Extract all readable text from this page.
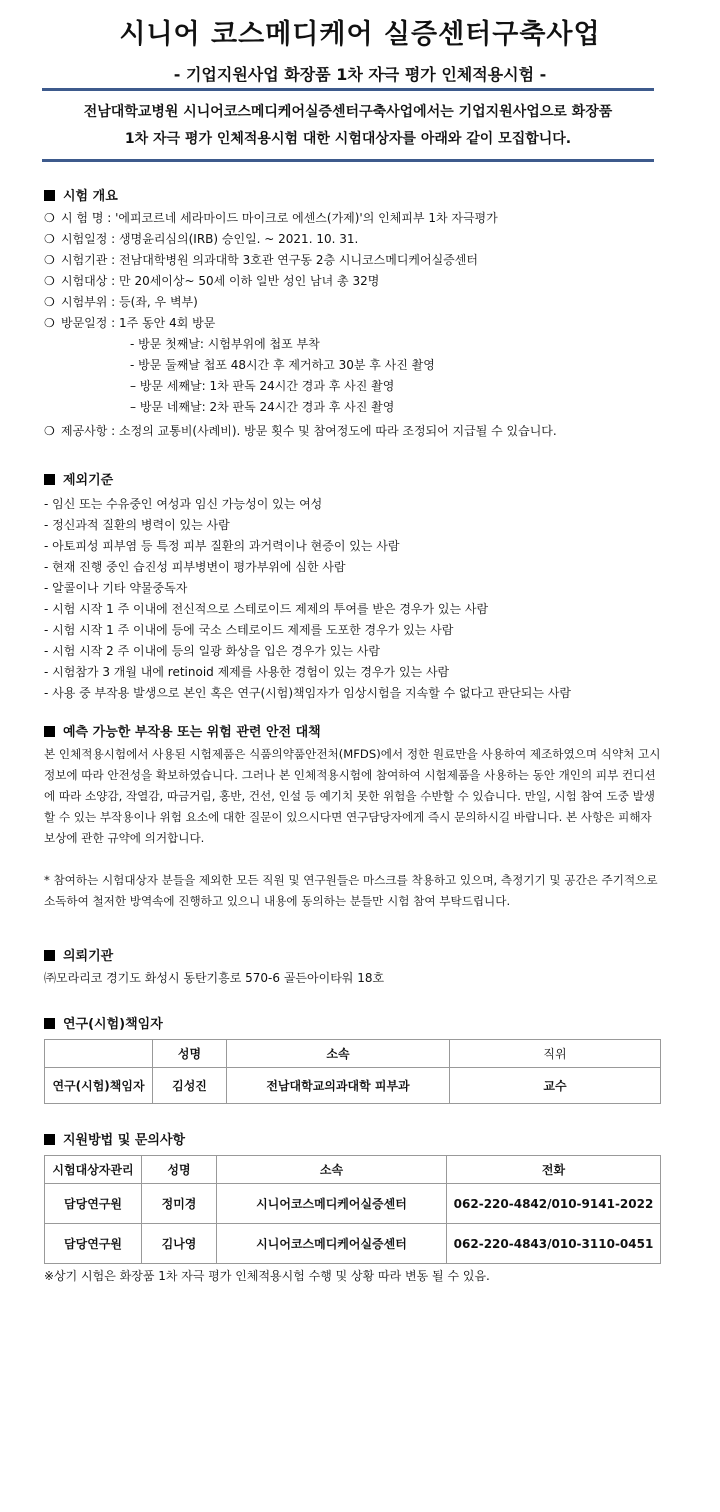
시니어 코스메디케어 실증센터구축사업
- 기업지원사업 화장품 1차 자극 평가 인체적용시험 -
전남대학교병원 시니어코스메디케어실증센터구축사업에서는 기업지원사업으로 화장품
1차 자극 평가 인체적용시험 대한 시험대상자를 아래와 같이 모집합니다.
시험 개요
❍ 시 험 명 : '에피코르네 세라마이드 마이크로 에센스(가제)'의 인체피부 1차 자극평가
❍ 시험일정 : 생명윤리심의(IRB) 승인일. ~ 2021. 10. 31.
❍ 시험기관 : 전남대학병원 의과대학 3호관 연구동 2층 시니코스메디케어실증센터
❍ 시험대상 : 만 20세이상~ 50세 이하 일반 성인 남녀 총 32명
❍ 시험부위 : 등(좌, 우 벽부)
❍ 방문일정 : 1주 동안 4회 방문
- 방문 첫째날: 시험부위에 첩포 부착
- 방문 둘째날 첩포 48시간 후 제거하고 30분 후 사진 촬영
– 방문 세째날: 1차 판독 24시간 경과 후 사진 촬영
– 방문 네째날: 2차 판독 24시간 경과 후 사진 촬영
❍ 제공사항 : 소정의 교통비(사례비). 방문 횟수 및 참여정도에 따라 조정되어 지급될 수 있습니다.
제외기준
- 임신 또는 수유중인 여성과 임신 가능성이 있는 여성
- 정신과적 질환의 병력이 있는 사람
- 아토피성 피부염 등 특정 피부 질환의 과거력이나 현증이 있는 사람
- 현재 진행 중인 습진성 피부병변이 평가부위에 심한 사람
- 알콜이나 기타 약물중독자
- 시험 시작 1 주 이내에 전신적으로 스테로이드 제제의 투여를 받은 경우가 있는 사람
- 시험 시작 1 주 이내에 등에 국소 스테로이드 제제를 도포한 경우가 있는 사람
- 시험 시작 2 주 이내에 등의 일광 화상을 입은 경우가 있는 사람
- 시험참가 3 개월 내에 retinoid 제제를 사용한 경험이 있는 경우가 있는 사람
- 사용 중 부작용 발생으로 본인 혹은 연구(시험)책임자가 임상시험을 지속할 수 없다고 판단되는 사람
예측 가능한 부작용 또는 위험 관련 안전 대책
본 인체적용시험에서 사용된 시험제품은 식품의약품안전처(MFDS)에서 정한 원료만을 사용하여 제조하였으며 식약처 고시
정보에 따라 안전성을 확보하였습니다. 그러나 본 인체적용시험에 참여하여 시험제품을 사용하는 동안 개인의 피부 컨디션
에 따라 소양감, 작열감, 따금거림, 홍반, 건선, 인설 등 예기치 못한 위험을 수반할 수 있습니다. 만일, 시험 참여 도중 발생
할 수 있는 부작용이나 위험 요소에 대한 질문이 있으시다면 연구담당자에게 즉시 문의하시길 바랍니다. 본 사항은 피해자
보상에 관한 규약에 의거합니다.
* 참여하는 시험대상자 분들을 제외한 모든 직원 및 연구원들은 마스크를 착용하고 있으며, 측정기기 및 공간은 주기적으로
소독하여 철저한 방역속에 진행하고 있으니 내용에 동의하는 분들만 시험 참여 부탁드립니다.
의뢰기관
㈜모라리코 경기도 화성시 동탄기흥로 570-6 골든아이타워 18호
연구(시험)책임자
	성명	소속	직위
연구(시험)책임자	김성진	전남대학교의과대학 피부과	교수
지원방법 및 문의사항
시험대상자관리	성명	소속	전화
담당연구원	정미경	시니어코스메디케어실증센터	062-220-4842/010-9141-2022
담당연구원	김나영	시니어코스메디케어실증센터	062-220-4843/010-3110-0451
※상기 시험은 화장품 1차 자극 평가 인체적용시험 수행 및 상황 따라 변동 될 수 있음.
